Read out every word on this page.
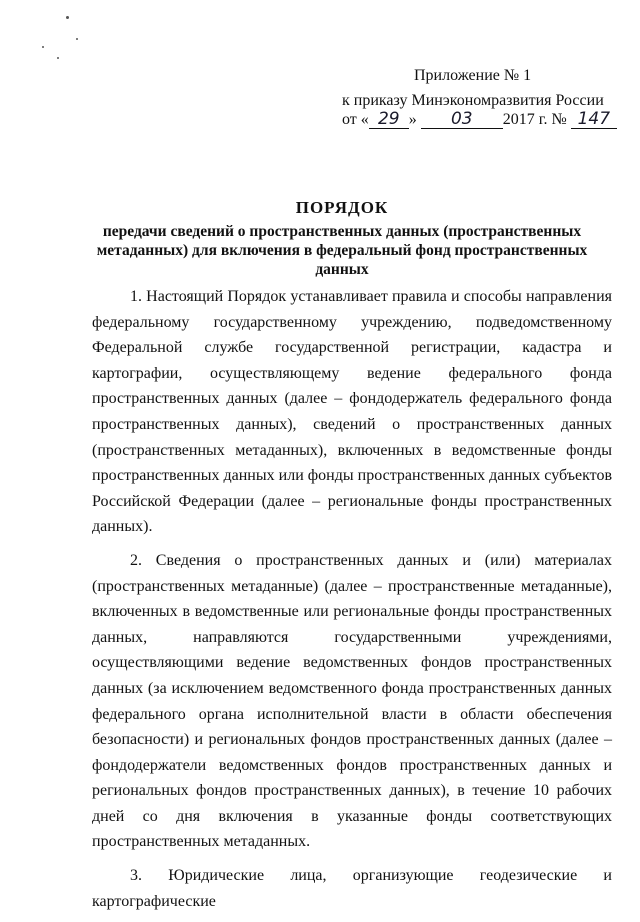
Приложение № 1
к приказу Минэкономразвития России
от « 29 » 03 2017 г. № 147
ПОРЯДОК
передачи сведений о пространственных данных (пространственных метаданных) для включения в федеральный фонд пространственных данных

1. Настоящий Порядок устанавливает правила и способы направления федеральному государственному учреждению, подведомственному Федеральной службе государственной регистрации, кадастра и картографии, осуществляющему ведение федерального фонда пространственных данных (далее – фондодержатель федерального фонда пространственных данных), сведений о пространственных данных (пространственных метаданных), включенных в ведомственные фонды пространственных данных или фонды пространственных данных субъектов Российской Федерации (далее – региональные фонды пространственных данных).

2. Сведения о пространственных данных и (или) материалах (пространственных метаданные) (далее – пространственные метаданные), включенных в ведомственные или региональные фонды пространственных данных, направляются государственными учреждениями, осуществляющими ведение ведомственных фондов пространственных данных (за исключением ведомственного фонда пространственных данных федерального органа исполнительной власти в области обеспечения безопасности) и региональных фондов пространственных данных (далее – фондодержатели ведомственных фондов пространственных данных и региональных фондов пространственных данных), в течение 10 рабочих дней со дня включения в указанные фонды соответствующих пространственных метаданных.

3. Юридические лица, организующие геодезические и картографические
